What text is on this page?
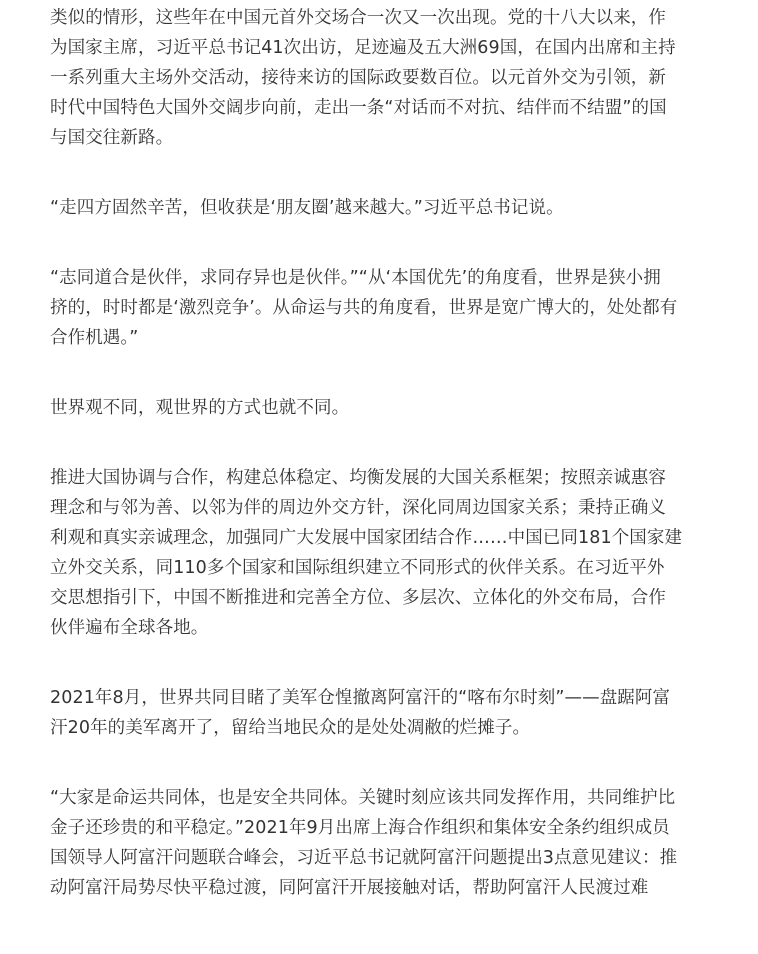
类似的情形，这些年在中国元首外交场合一次又一次出现。党的十八大以来，作
为国家主席，习近平总书记41次出访，足迹遍及五大洲69国，在国内出席和主持
一系列重大主场外交活动，接待来访的国际政要数百位。以元首外交为引领，新
时代中国特色大国外交阔步向前，走出一条“对话而不对抗、结伴而不结盟”的国
与国交往新路。

“走四方固然辛苦，但收获是‘朋友圈’越来越大。”习近平总书记说。

“志同道合是伙伴，求同存异也是伙伴。”“从‘本国优先’的角度看，世界是狭小拥
挤的，时时都是‘激烈竞争’。从命运与共的角度看，世界是宽广博大的，处处都有
合作机遇。”

世界观不同，观世界的方式也就不同。

推进大国协调与合作，构建总体稳定、均衡发展的大国关系框架；按照亲诚惠容
理念和与邻为善、以邻为伴的周边外交方针，深化同周边国家关系；秉持正确义
利观和真实亲诚理念，加强同广大发展中国家团结合作……中国已同181个国家建
立外交关系，同110多个国家和国际组织建立不同形式的伙伴关系。在习近平外
交思想指引下，中国不断推进和完善全方位、多层次、立体化的外交布局，合作
伙伴遍布全球各地。

2021年8月，世界共同目睹了美军仓惶撤离阿富汗的“喀布尔时刻”——盘踞阿富
汗20年的美军离开了，留给当地民众的是处处凋敝的烂摊子。

“大家是命运共同体，也是安全共同体。关键时刻应该共同发挥作用，共同维护比
金子还珍贵的和平稳定。”2021年9月出席上海合作组织和集体安全条约组织成员
国领导人阿富汗问题联合峰会，习近平总书记就阿富汗问题提出3点意见建议：推
动阿富汗局势尽快平稳过渡，同阿富汗开展接触对话，帮助阿富汗人民渡过难
